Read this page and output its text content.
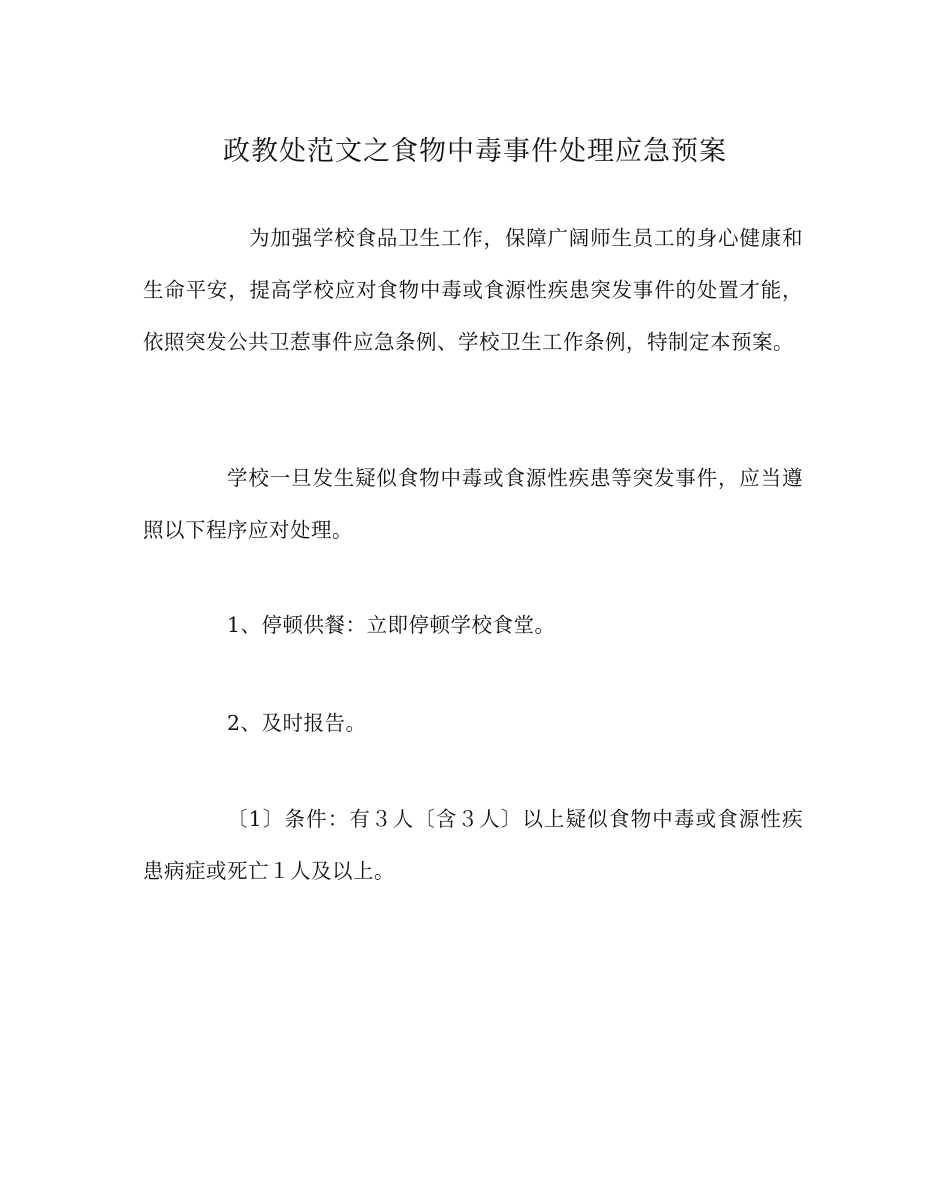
政教处范文之食物中毒事件处理应急预案

为加强学校食品卫生工作，保障广阔师生员工的身心健康和生命平安，提高学校应对食物中毒或食源性疾患突发事件的处置才能，依照突发公共卫惹事件应急条例、学校卫生工作条例，特制定本预案。

学校一旦发生疑似食物中毒或食源性疾患等突发事件，应当遵照以下程序应对处理。

1、停顿供餐：立即停顿学校食堂。

2、及时报告。

〔1〕条件：有３人〔含３人〕以上疑似食物中毒或食源性疾患病症或死亡１人及以上。
